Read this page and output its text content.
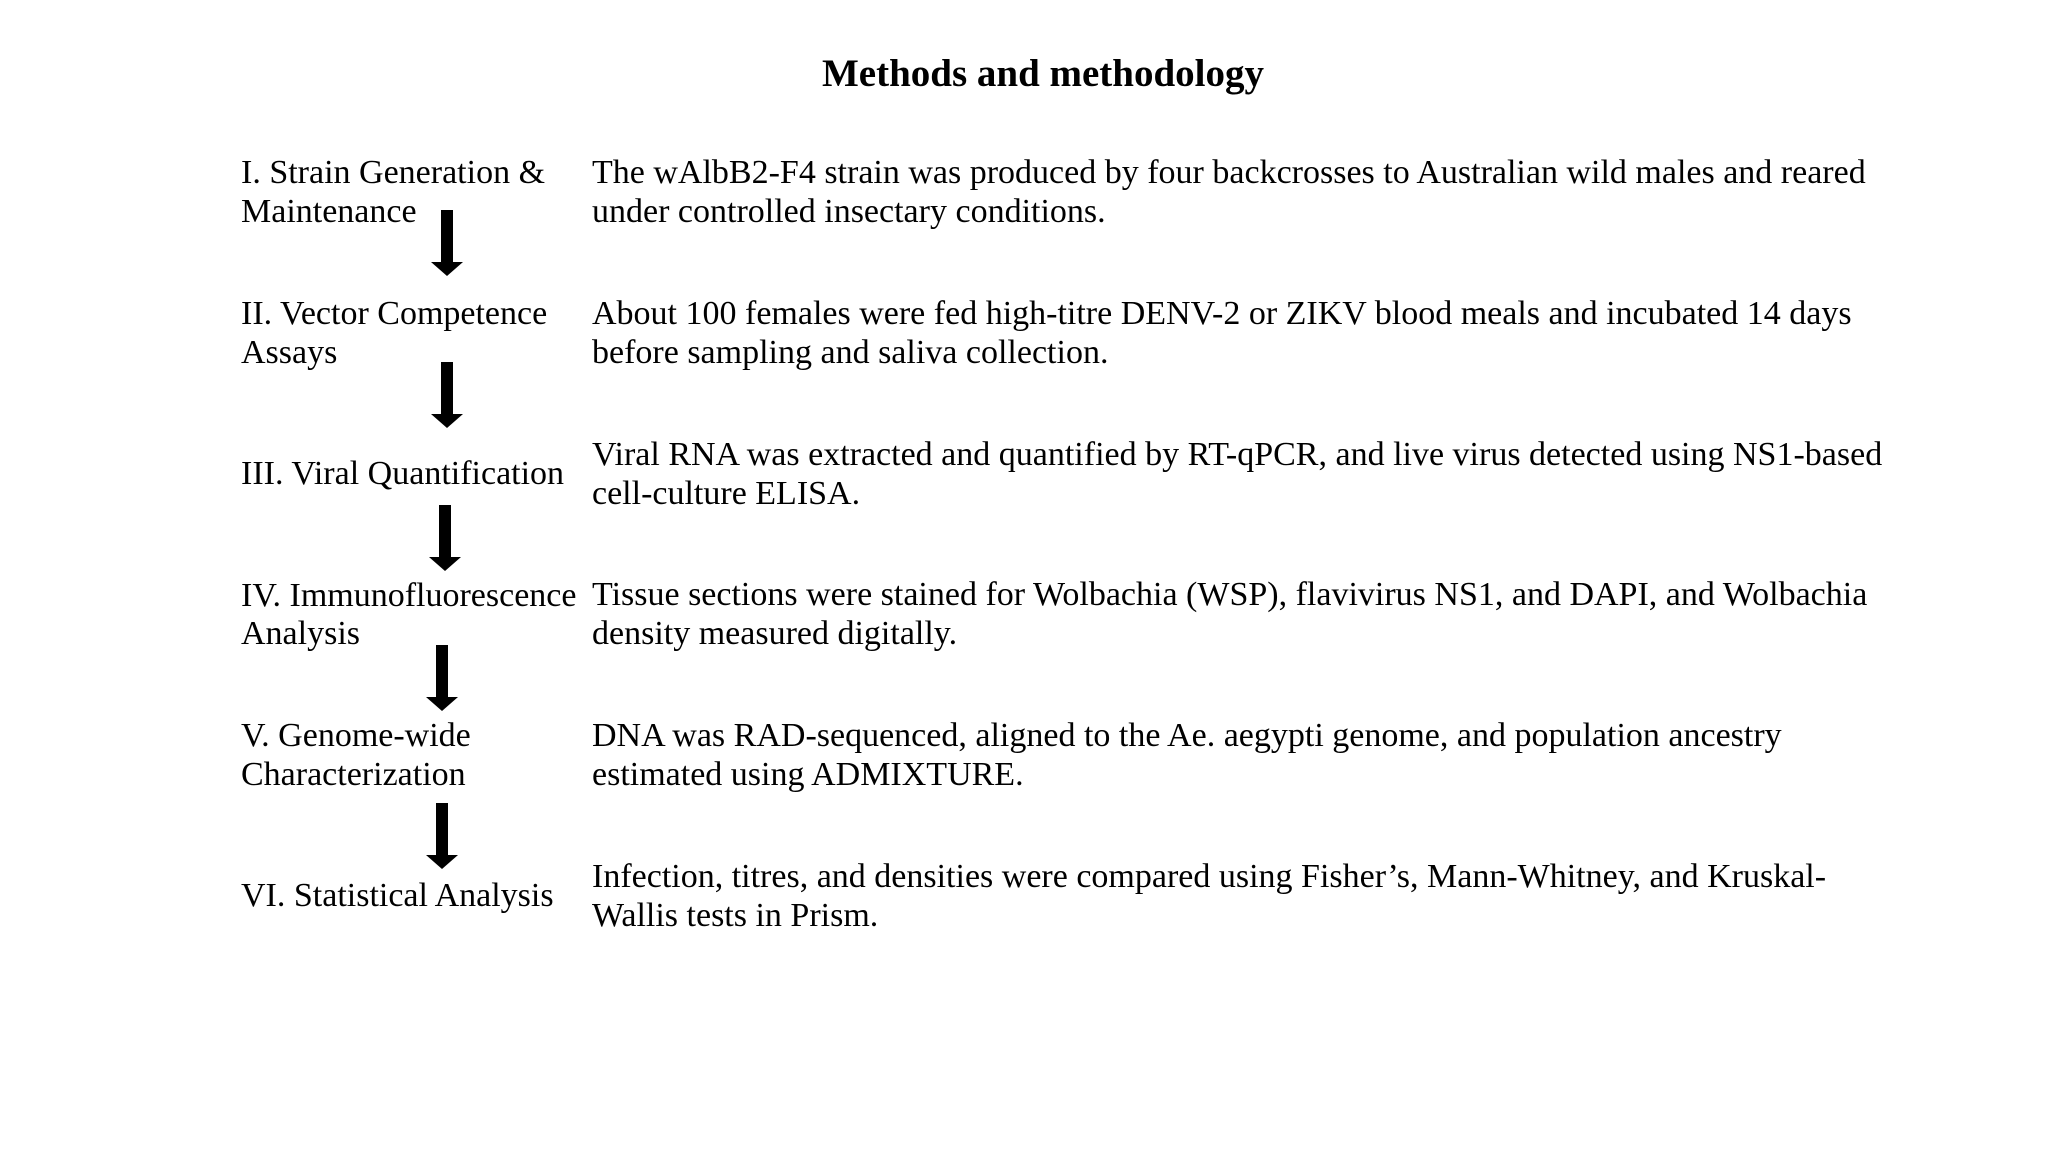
Methods and methodology
I. Strain Generation & Maintenance
The wAlbB2-F4 strain was produced by four backcrosses to Australian wild males and reared under controlled insectary conditions.
II. Vector Competence Assays
About 100 females were fed high-titre DENV-2 or ZIKV blood meals and incubated 14 days before sampling and saliva collection.
III. Viral Quantification
Viral RNA was extracted and quantified by RT-qPCR, and live virus detected using NS1-based cell-culture ELISA.
IV. Immunofluorescence Analysis
Tissue sections were stained for Wolbachia (WSP), flavivirus NS1, and DAPI, and Wolbachia density measured digitally.
V. Genome-wide Characterization
DNA was RAD-sequenced, aligned to the Ae. aegypti genome, and population ancestry estimated using ADMIXTURE.
VI. Statistical Analysis
Infection, titres, and densities were compared using Fisher’s, Mann-Whitney, and Kruskal-Wallis tests in Prism.
